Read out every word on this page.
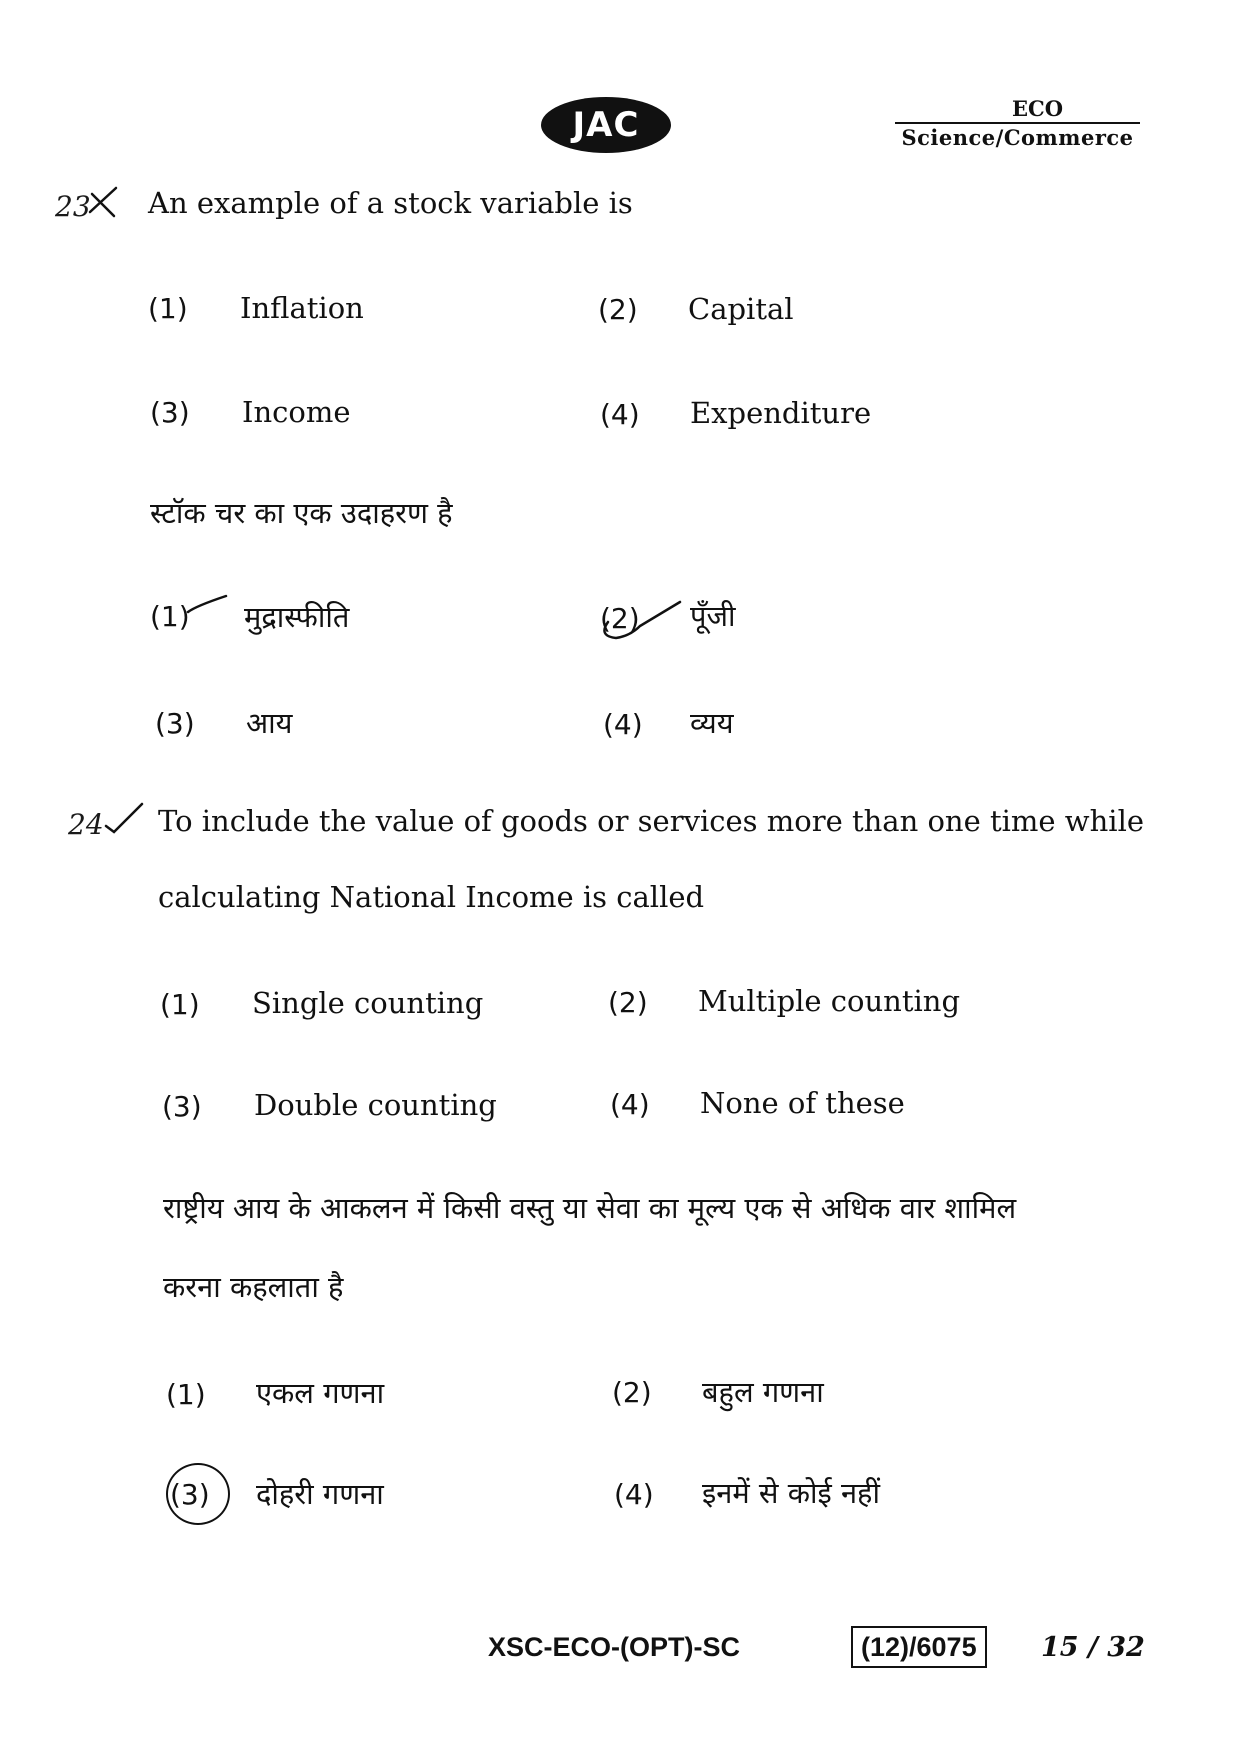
JAC	ECO
Science/Commerce
23 An example of a stock variable is
(1) Inflation	(2) Capital
(3) Income	(4) Expenditure
स्टॉक चर का एक उदाहरण है
(1) मुद्रास्फीति	(2) पूँजी
(3) आय	(4) व्यय
24 To include the value of goods or services more than one time while
calculating National Income is called
(1) Single counting	(2) Multiple counting
(3) Double counting	(4) None of these
राष्ट्रीय आय के आकलन में किसी वस्तु या सेवा का मूल्य एक से अधिक वार शामिल
करना कहलाता है
(1) एकल गणना	(2) बहुल गणना
(3) दोहरी गणना	(4) इनमें से कोई नहीं
XSC-ECO-(OPT)-SC	(12)/6075	15 / 32
